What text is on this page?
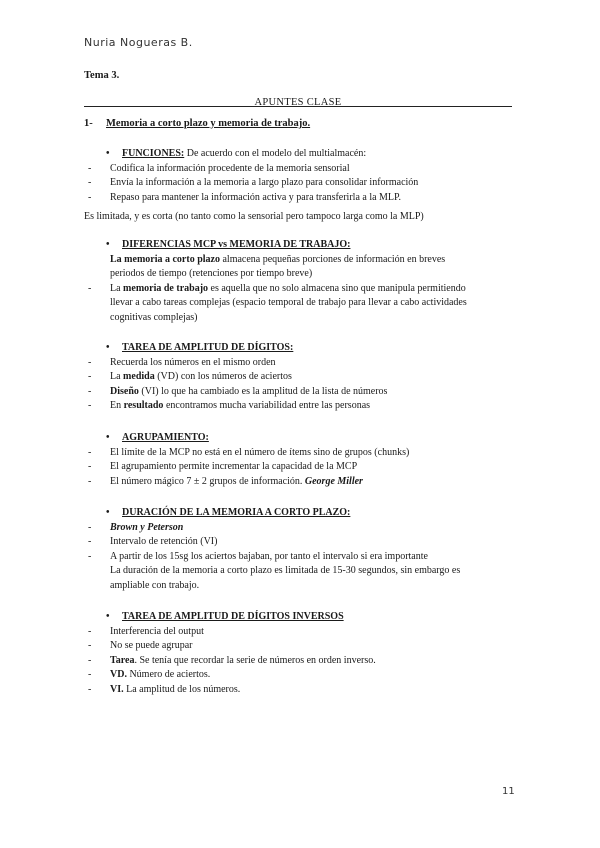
Nuria Nogueras B.
Tema 3.
APUNTES CLASE
1- Memoria a corto plazo y memoria de trabajo.
• FUNCIONES: De acuerdo con el modelo del multialmacén:
- Codifica la información procedente de la memoria sensorial
- Envía la información a la memoria a largo plazo para consolidar información
- Repaso para mantener la información activa y para transferirla a la MLP.
Es limitada, y es corta (no tanto como la sensorial pero tampoco larga como la MLP)
• DIFERENCIAS MCP vs MEMORIA DE TRABAJO:
La memoria a corto plazo almacena pequeñas porciones de información en breves
periodos de tiempo (retenciones por tiempo breve)
- La memoria de trabajo es aquella que no solo almacena sino que manipula permitiendo
llevar a cabo tareas complejas (espacio temporal de trabajo para llevar a cabo actividades
cognitivas complejas)
• TAREA DE AMPLITUD DE DÍGITOS:
- Recuerda los números en el mismo orden
- La medida (VD) con los números de aciertos
- Diseño (VI) lo que ha cambiado es la amplitud de la lista de números
- En resultado encontramos mucha variabilidad entre las personas
• AGRUPAMIENTO:
- El límite de la MCP no está en el número de ítems sino de grupos (chunks)
- El agrupamiento permite incrementar la capacidad de la MCP
- El número mágico 7 ± 2 grupos de información. George Miller
• DURACIÓN DE LA MEMORIA A CORTO PLAZO:
- Brown y Peterson
- Intervalo de retención (VI)
- A partir de los 15sg los aciertos bajaban, por tanto el intervalo si era importante
La duración de la memoria a corto plazo es limitada de 15-30 segundos, sin embargo es
ampliable con trabajo.
• TAREA DE AMPLITUD DE DÍGITOS INVERSOS
- Interferencia del output
- No se puede agrupar
- Tarea. Se tenía que recordar la serie de números en orden inverso.
- VD. Número de aciertos.
- VI. La amplitud de los números.
11
